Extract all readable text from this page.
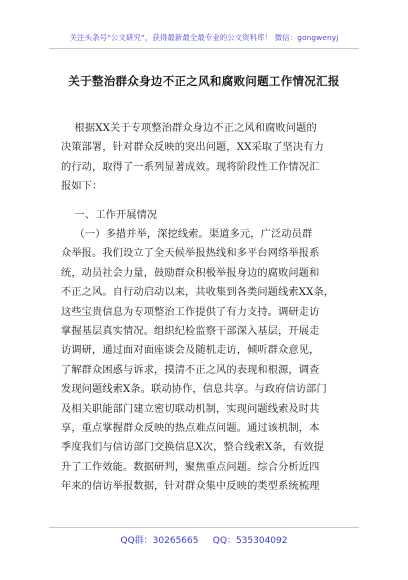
关注头条号“公文研究”，获得最新最全最专业的公文资料库！ 微信：gongwenyj
关于整治群众身边不正之风和腐败问题工作情况汇报
根据XX关于专项整治群众身边不正之风和腐败问题的
决策部署，针对群众反映的突出问题，XX采取了坚决有力
的行动，取得了一系列显著成效。现将阶段性工作情况汇
报如下：
一、工作开展情况
（一）多措并举，深挖线索。渠道多元，广泛动员群
众举报。我们设立了全天候举报热线和多平台网络举报系
统，动员社会力量，鼓励群众积极举报身边的腐败问题和
不正之风。自行动启动以来，共收集到各类问题线索XX条，
这些宝贵信息为专项整治工作提供了有力支持。调研走访
掌握基层真实情况。组织纪检监察干部深入基层，开展走
访调研，通过面对面座谈会及随机走访，倾听群众意见，
了解群众困惑与诉求，摸清不正之风的表现和根源，调查
发现问题线索X条。联动协作，信息共享。与政府信访部门
及相关职能部门建立密切联动机制，实现问题线索及时共
享，重点掌握群众反映的热点难点问题。通过该机制，本
季度我们与信访部门交换信息X次，整合线索X条，有效提
升了工作效能。数据研判，聚焦重点问题。综合分析近四
年来的信访举报数据，针对群众集中反映的类型系统梳理
QQ群：30265665     QQ：535304092
